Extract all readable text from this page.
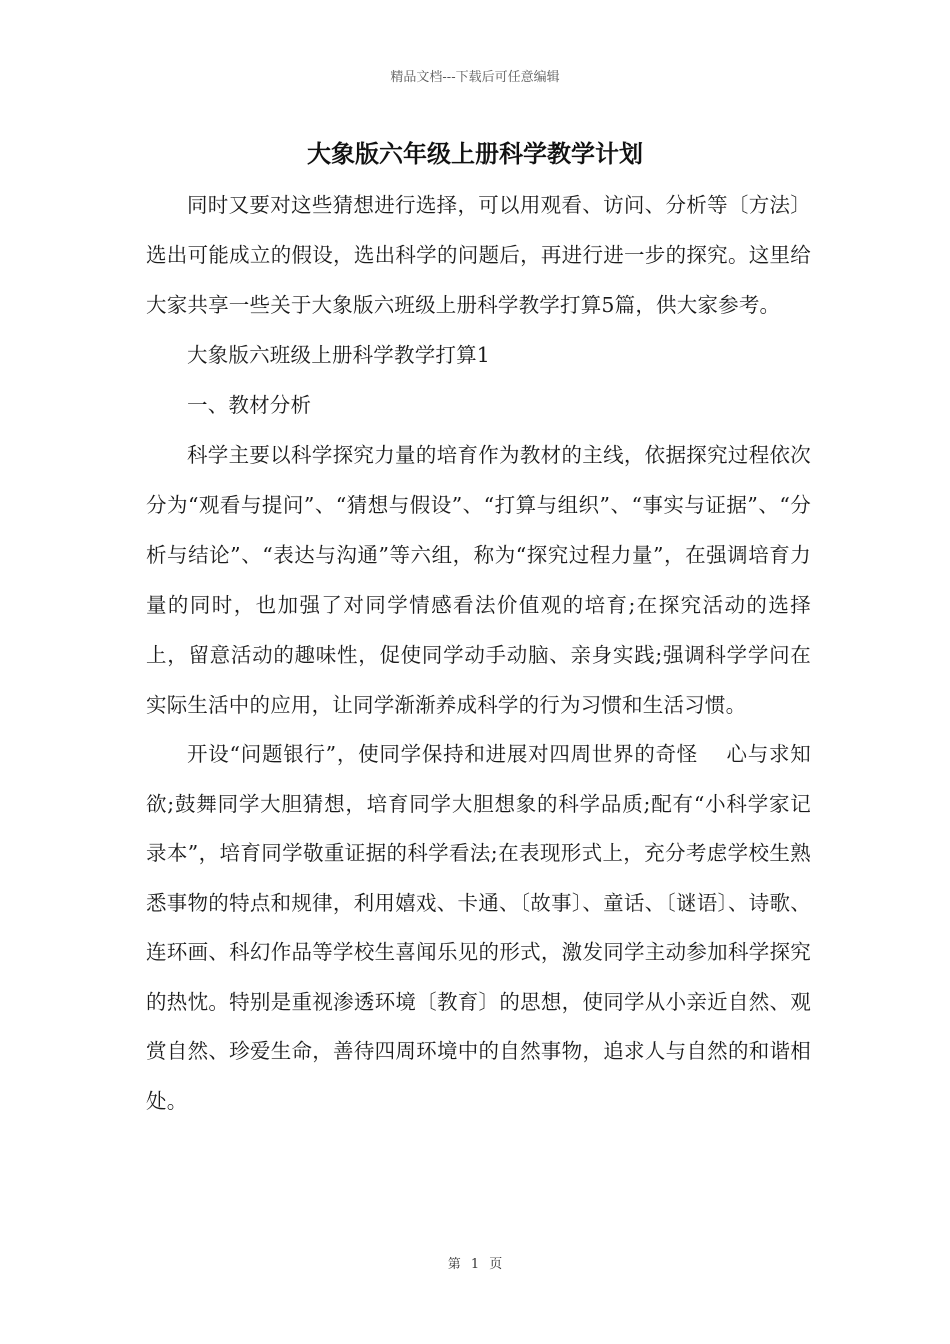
精品文档---下载后可任意编辑
大象版六年级上册科学教学计划

同时又要对这些猜想进行选择，可以用观看、访问、分析等〔方法〕选出可能成立的假设，选出科学的问题后，再进行进一步的探究。这里给大家共享一些关于大象版六班级上册科学教学打算5篇，供大家参考。

大象版六班级上册科学教学打算1

一、教材分析

科学主要以科学探究力量的培育作为教材的主线，依据探究过程依次分为“观看与提问”、“猜想与假设”、“打算与组织”、“事实与证据”、“分析与结论”、“表达与沟通”等六组，称为“探究过程力量”，在强调培育力量的同时，也加强了对同学情感看法价值观的培育;在探究活动的选择上，留意活动的趣味性，促使同学动手动脑、亲身实践;强调科学学问在实际生活中的应用，让同学渐渐养成科学的行为习惯和生活习惯。

开设“问题银行”，使同学保持和进展对四周世界的奇怪　 心与求知欲;鼓舞同学大胆猜想，培育同学大胆想象的科学品质;配有“小科学家记录本”，培育同学敬重证据的科学看法;在表现形式上，充分考虑学校生熟悉事物的特点和规律，利用嬉戏、卡通、〔故事〕、童话、〔谜语〕、诗歌、连环画、科幻作品等学校生喜闻乐见的形式，激发同学主动参加科学探究的热忱。特别是重视渗透环境〔教育〕的思想，使同学从小亲近自然、观赏自然、珍爱生命，善待四周环境中的自然事物，追求人与自然的和谐相处。

第 1 页
